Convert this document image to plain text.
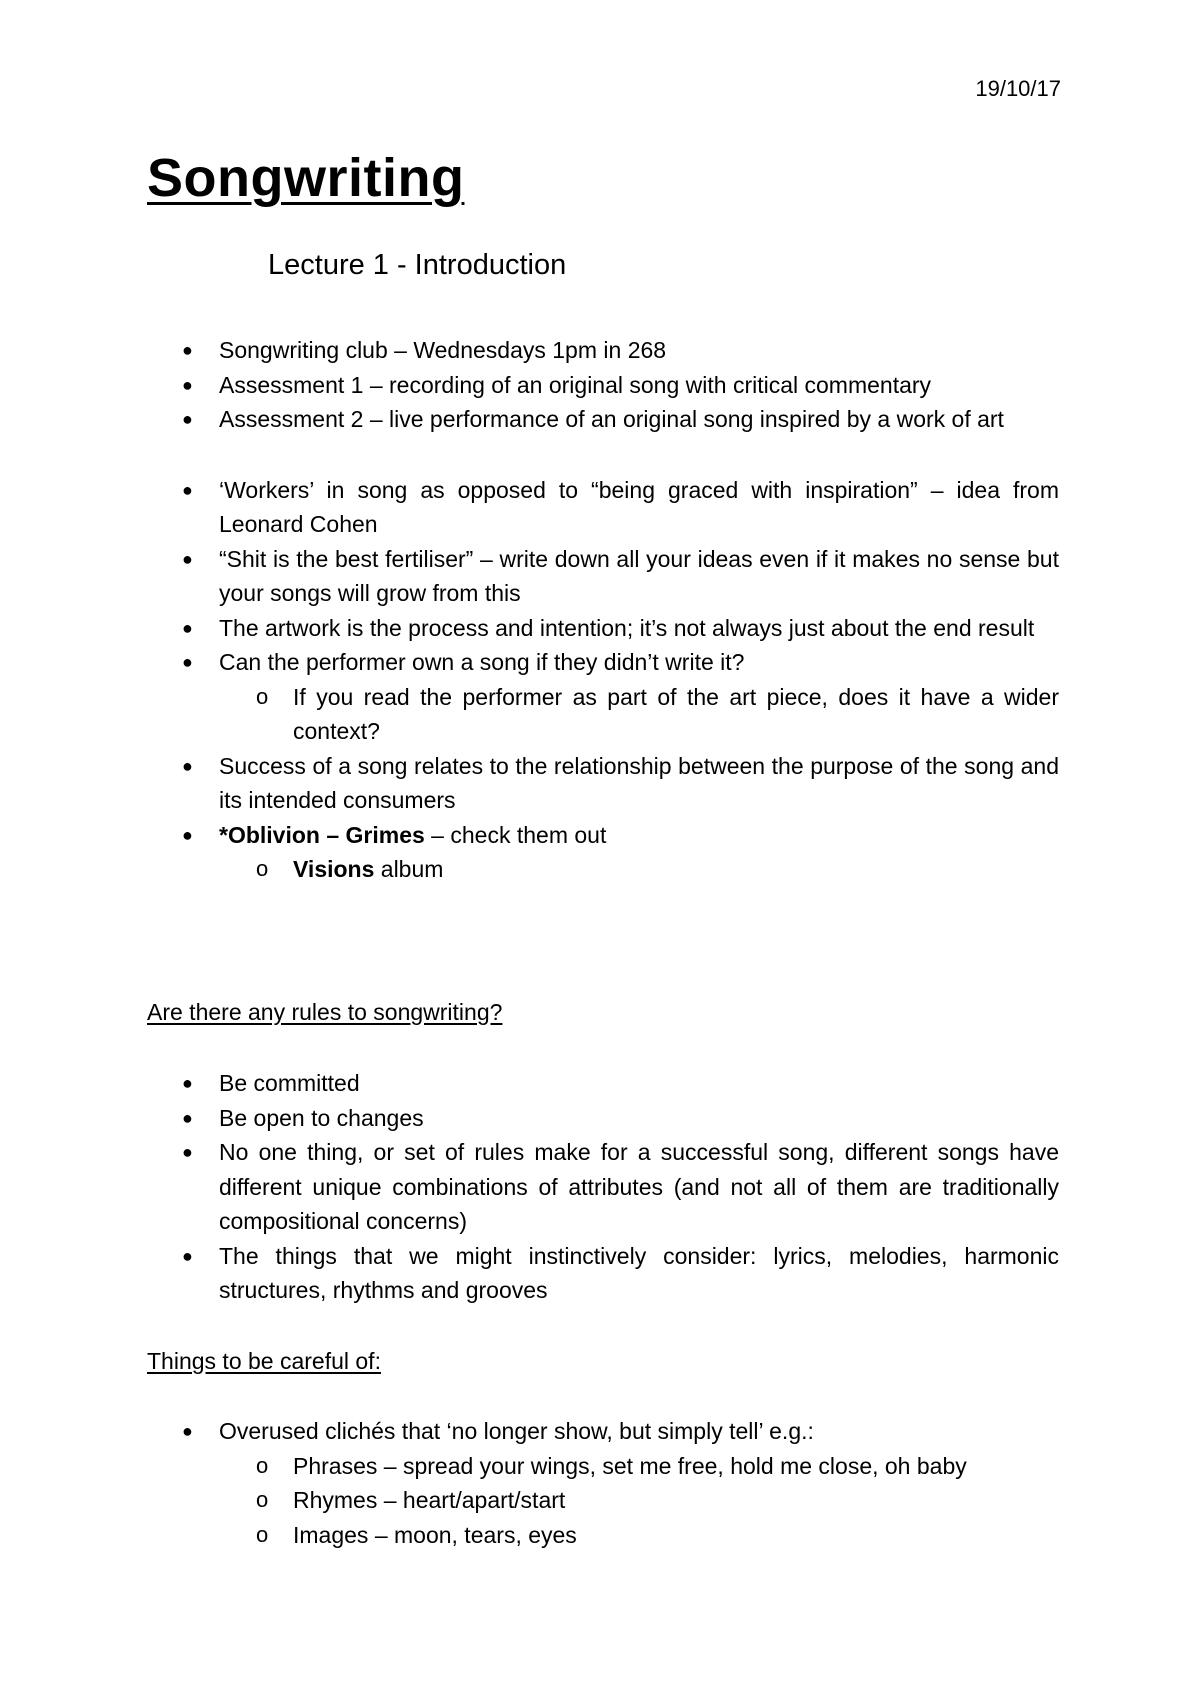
19/10/17
Songwriting
Lecture 1 - Introduction
● Songwriting club – Wednesdays 1pm in 268
● Assessment 1 – recording of an original song with critical commentary
● Assessment 2 – live performance of an original song inspired by a work of art
● ‘Workers’ in song as opposed to “being graced with inspiration” – idea from Leonard Cohen
● “Shit is the best fertiliser” – write down all your ideas even if it makes no sense but your songs will grow from this
● The artwork is the process and intention; it’s not always just about the end result
● Can the performer own a song if they didn’t write it?
o If you read the performer as part of the art piece, does it have a wider context?
● Success of a song relates to the relationship between the purpose of the song and its intended consumers
● *Oblivion – Grimes – check them out
o Visions album
Are there any rules to songwriting?
● Be committed
● Be open to changes
● No one thing, or set of rules make for a successful song, different songs have different unique combinations of attributes (and not all of them are traditionally compositional concerns)
● The things that we might instinctively consider: lyrics, melodies, harmonic structures, rhythms and grooves
Things to be careful of:
● Overused clichés that ‘no longer show, but simply tell’ e.g.:
o Phrases – spread your wings, set me free, hold me close, oh baby
o Rhymes – heart/apart/start
o Images – moon, tears, eyes
